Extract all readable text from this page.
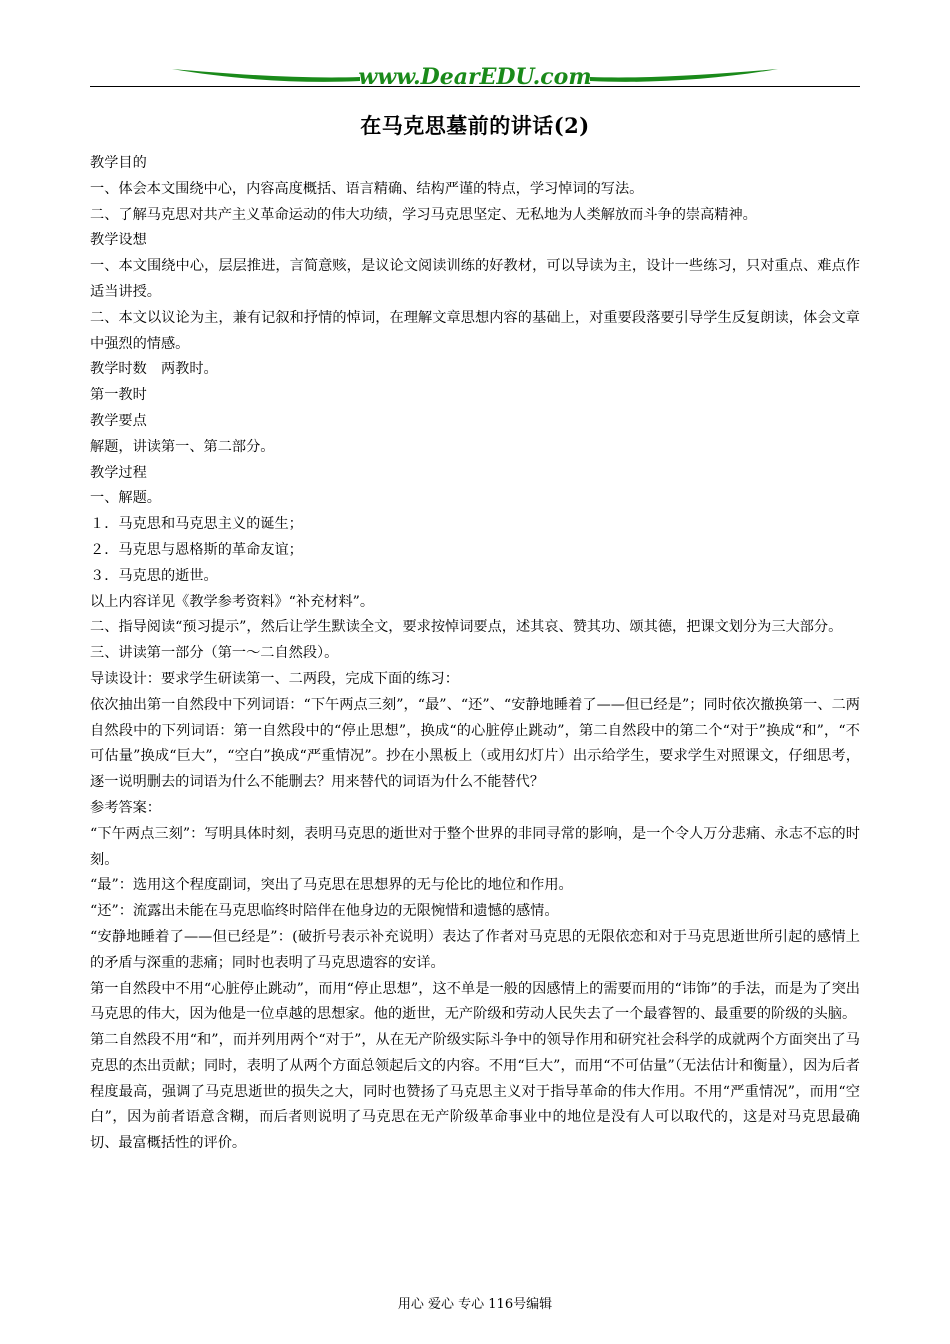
www.DearEDU.com
在马克思墓前的讲话(2)

教学目的

一、体会本文围绕中心，内容高度概括、语言精确、结构严谨的特点，学习悼词的写法。

二、了解马克思对共产主义革命运动的伟大功绩，学习马克思坚定、无私地为人类解放而斗争的崇高精神。

教学设想

一、本文围绕中心，层层推进，言简意赅，是议论文阅读训练的好教材，可以导读为主，设计一些练习，只对重点、难点作适当讲授。

二、本文以议论为主，兼有记叙和抒情的悼词，在理解文章思想内容的基础上，对重要段落要引导学生反复朗读，体会文章中强烈的情感。

教学时数　两教时。

第一教时

教学要点

解题，讲读第一、第二部分。

教学过程

一、解题。

１．马克思和马克思主义的诞生；

２．马克思与恩格斯的革命友谊；

３．马克思的逝世。

以上内容详见《教学参考资料》“补充材料”。

二、指导阅读“预习提示”，然后让学生默读全文，要求按悼词要点，述其哀、赞其功、颂其德，把课文划分为三大部分。

三、讲读第一部分（第一～二自然段）。

导读设计：要求学生研读第一、二两段，完成下面的练习：

依次抽出第一自然段中下列词语：“下午两点三刻”，“最”、“还”、“安静地睡着了——但已经是”；同时依次撤换第一、二两自然段中的下列词语：第一自然段中的“停止思想”，换成“的心脏停止跳动”，第二自然段中的第二个“对于”换成“和”，“不可估量”换成“巨大”，“空白”换成“严重情况”。抄在小黑板上（或用幻灯片）出示给学生，要求学生对照课文，仔细思考，逐一说明删去的词语为什么不能删去？用来替代的词语为什么不能替代？

参考答案：

“下午两点三刻”：写明具体时刻，表明马克思的逝世对于整个世界的非同寻常的影响，是一个令人万分悲痛、永志不忘的时刻。

“最”：选用这个程度副词，突出了马克思在思想界的无与伦比的地位和作用。

“还”：流露出未能在马克思临终时陪伴在他身边的无限惋惜和遗憾的感情。

“安静地睡着了——但已经是”：(破折号表示补充说明）表达了作者对马克思的无限依恋和对于马克思逝世所引起的感情上的矛盾与深重的悲痛；同时也表明了马克思遗容的安详。

第一自然段中不用“心脏停止跳动”，而用“停止思想”，这不单是一般的因感情上的需要而用的“讳饰”的手法，而是为了突出马克思的伟大，因为他是一位卓越的思想家。他的逝世，无产阶级和劳动人民失去了一个最睿智的、最重要的阶级的头脑。

第二自然段不用“和”，而并列用两个“对于”，从在无产阶级实际斗争中的领导作用和研究社会科学的成就两个方面突出了马克思的杰出贡献；同时，表明了从两个方面总领起后文的内容。不用“巨大”，而用“不可估量”（无法估计和衡量），因为后者程度最高，强调了马克思逝世的损失之大，同时也赞扬了马克思主义对于指导革命的伟大作用。不用“严重情况”，而用“空白”，因为前者语意含糊，而后者则说明了马克思在无产阶级革命事业中的地位是没有人可以取代的，这是对马克思最确切、最富概括性的评价。

用心 爱心 专心 116号编辑
